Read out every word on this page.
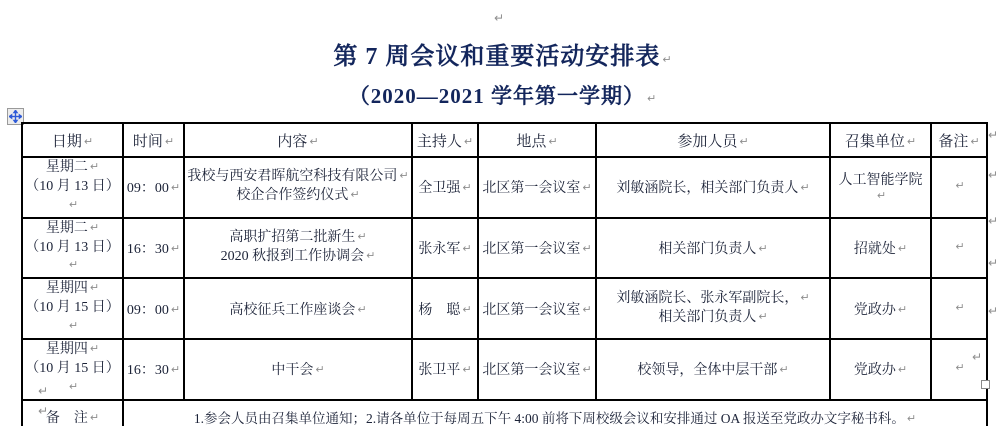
↵
第 7 周会议和重要活动安排表 ↵
（2020—2021 学年第一学期） ↵
日期 ↵	时间 ↵	内容 ↵	主持人 ↵	地点 ↵	参加人员 ↵	召集单位 ↵	备注 ↵

星期二 ↵
（10 月 13 日）↵
	09：00 ↵	
我校与西安君晖航空科技有限公司 ↵
校企合作签约仪式 ↵	全卫强 ↵	北区第一会议室 ↵	刘敏涵院长，相关部门负责人 ↵	人工智能学院↵	↵

星期二 ↵
（10 月 13 日）↵
	16：30 ↵	
高职扩招第二批新生 ↵
2020 秋报到工作协调会 ↵	张永军 ↵	北区第一会议室 ↵	相关部门负责人 ↵	招就处 ↵	↵

星期四 ↵
（10 月 15 日）↵
	09：00 ↵	高校征兵工作座谈会 ↵	杨　聪 ↵	北区第一会议室 ↵	
刘敏涵院长、张永军副院长， ↵
相关部门负责人 ↵	党政办 ↵	↵

星期四 ↵
（10 月 15 日）↵	16：30 ↵	中干会 ↵	张卫平 ↵	北区第一会议室 ↵	校领导，全体中层干部 ↵	党政办 ↵	↵
备　注 ↵	1.参会人员由召集单位通知；2.请各单位于每周五下午 4:00 前将下周校级会议和安排通过 OA 报送至党政办文字秘书科。 ↵						
↵
↵
↵
↵
↵
↵
↵
↵
